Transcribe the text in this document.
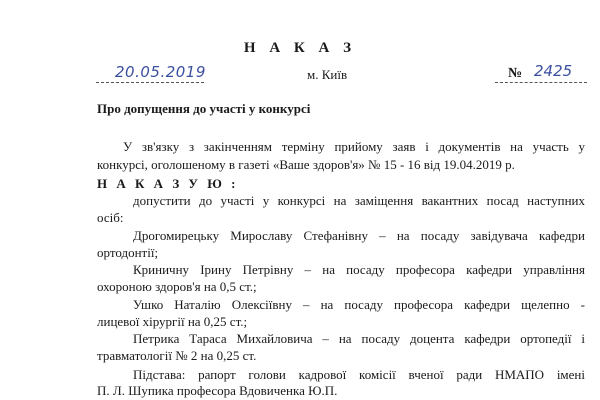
Н А К А З
20.05.2019	м. Київ	№ 2425
Про допущення до участі у конкурсі
У зв'язку з закінченням терміну прийому заяв і документів на участь у
конкурсі, оголошеному в газеті «Ваше здоров'я» № 15 - 16 від 19.04.2019 р.
Н А К А З У Ю :
допустити до участі у конкурсі на заміщення вакантних посад наступних
осіб:
Дрогомирецьку Мирославу Стефанівну – на посаду завідувача кафедри
ортодонтії;
Криничну Ірину Петрівну – на посаду професора кафедри управління
охороною здоров'я на 0,5 ст.;
Ушко Наталію Олексіївну – на посаду професора кафедри щелепно -
лицевої хірургії на 0,25 ст.;
Петрика Тараса Михайловича – на посаду доцента кафедри ортопедії і
травматології № 2 на 0,25 ст.
Підстава: рапорт голови кадрової комісії вченої ради НМАПО імені
П. Л. Шупика професора Вдовиченка Ю.П.
